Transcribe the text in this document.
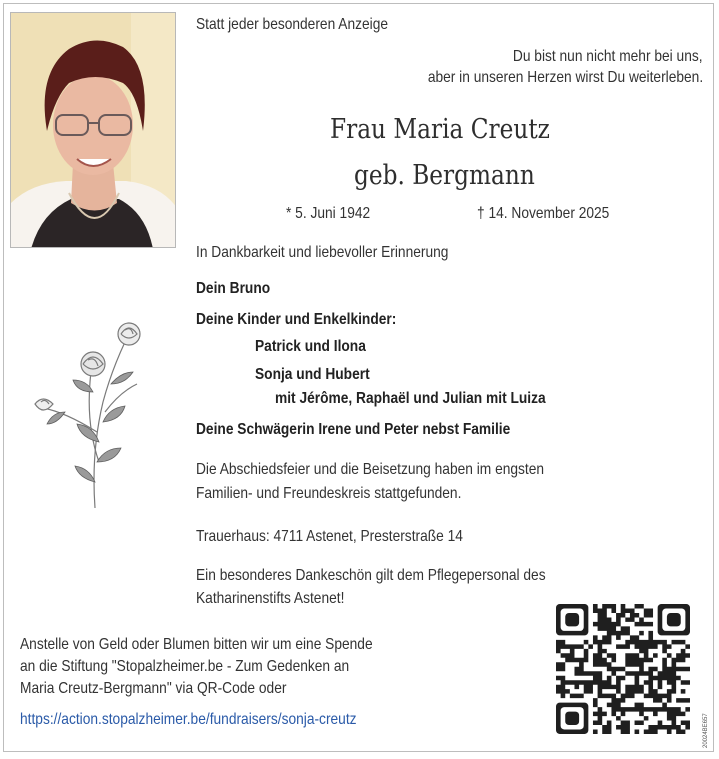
Statt jeder besonderen Anzeige
Du bist nun nicht mehr bei uns,
aber in unseren Herzen wirst Du weiterleben.
Frau Maria Creutz
geb. Bergmann
* 5. Juni 1942	† 14. November 2025
In Dankbarkeit und liebevoller Erinnerung
Dein Bruno
Deine Kinder und Enkelkinder:
Patrick und Ilona
Sonja und Hubert
mit Jérôme, Raphaël und Julian mit Luiza
Deine Schwägerin Irene und Peter nebst Familie
Die Abschiedsfeier und die Beisetzung haben im engsten
Familien- und Freundeskreis stattgefunden.
Trauerhaus: 4711 Astenet, Presterstraße 14
Ein besonderes Dankeschön gilt dem Pflegepersonal des
Katharinenstifts Astenet!
Anstelle von Geld oder Blumen bitten wir um eine Spende
an die Stiftung "Stopalzheimer.be - Zum Gedenken an
Maria Creutz-Bergmann" via QR-Code oder
https://action.stopalzheimer.be/fundraisers/sonja-creutz	20024BE657
